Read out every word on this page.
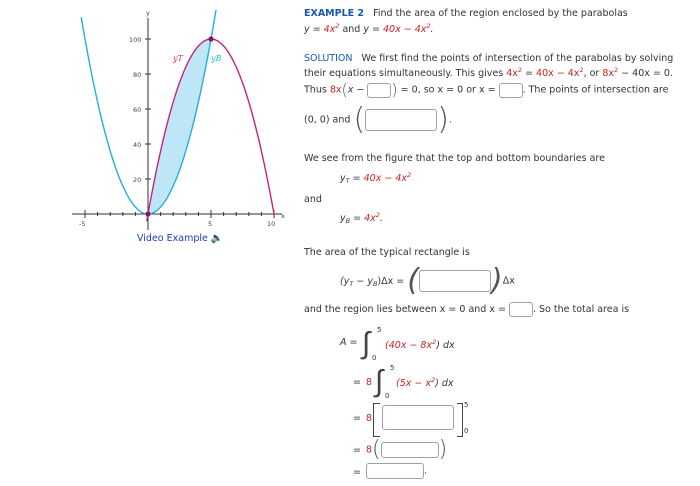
y
x
100
80
60
40
20
-5	5	10
yT	yB
Video Example 🔈
EXAMPLE 2 Find the area of the region enclosed by the parabolas
$y = 4x^2$ and $y = 40x - 4x^2$.
SOLUTION We first find the points of intersection of the parabolas by solving
their equations simultaneously. This gives $4x^2 = 40x - 4x^2$, or $8x^2 - 40x = 0$.
Thus 8x(x − ) = 0, so x = 0 or x =	. The points of intersection are
(0, 0) and ( ).
We see from the figure that the top and bottom boundaries are
$y_T = 40x - 4x^2$
and
$y_B = 4x^2$.
The area of the typical rectangle is
$(y_T - y_B)\Delta x$ = ( )Δx
and the region lies between x = 0 and x =	. So the total area is
A = ∫ 5
0
$(40x - 8x^2)$ dx
= 8 ∫ 5
0
$(5x - x^2)$ dx
= 8
5
0
= 8(	)
=	.
